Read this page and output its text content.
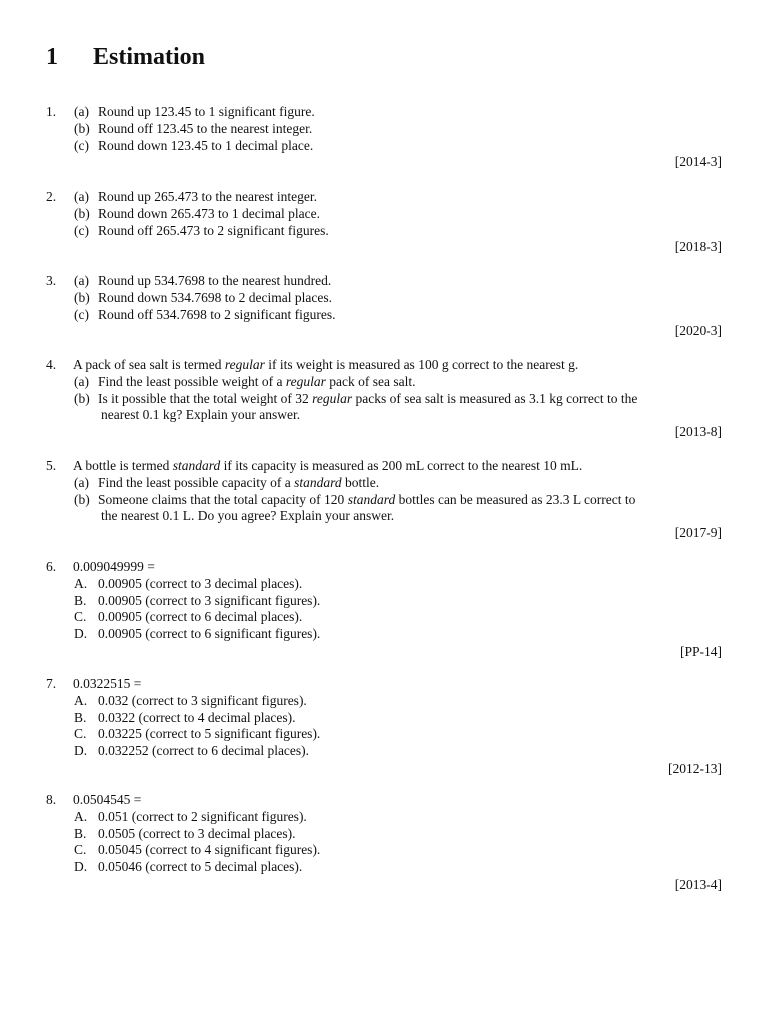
1 Estimation
1. (a) Round up 123.45 to 1 significant figure.
(b) Round off 123.45 to the nearest integer.
(c) Round down 123.45 to 1 decimal place.
[2014-3]
2. (a) Round up 265.473 to the nearest integer.
(b) Round down 265.473 to 1 decimal place.
(c) Round off 265.473 to 2 significant figures.
[2018-3]
3. (a) Round up 534.7698 to the nearest hundred.
(b) Round down 534.7698 to 2 decimal places.
(c) Round off 534.7698 to 2 significant figures.
[2020-3]
4. A pack of sea salt is termed regular if its weight is measured as 100 g correct to the nearest g.
(a) Find the least possible weight of a regular pack of sea salt.
(b) Is it possible that the total weight of 32 regular packs of sea salt is measured as 3.1 kg correct to the
nearest 0.1 kg? Explain your answer.
[2013-8]
5. A bottle is termed standard if its capacity is measured as 200 mL correct to the nearest 10 mL.
(a) Find the least possible capacity of a standard bottle.
(b) Someone claims that the total capacity of 120 standard bottles can be measured as 23.3 L correct to
the nearest 0.1 L. Do you agree? Explain your answer.
[2017-9]
6. 0.009049999 =
A. 0.00905 (correct to 3 decimal places).
B. 0.00905 (correct to 3 significant figures).
C. 0.00905 (correct to 6 decimal places).
D. 0.00905 (correct to 6 significant figures).
[PP-14]
7. 0.0322515 =
A. 0.032 (correct to 3 significant figures).
B. 0.0322 (correct to 4 decimal places).
C. 0.03225 (correct to 5 significant figures).
D. 0.032252 (correct to 6 decimal places).
[2012-13]
8. 0.0504545 =
A. 0.051 (correct to 2 significant figures).
B. 0.0505 (correct to 3 decimal places).
C. 0.05045 (correct to 4 significant figures).
D. 0.05046 (correct to 5 decimal places).
[2013-4]
